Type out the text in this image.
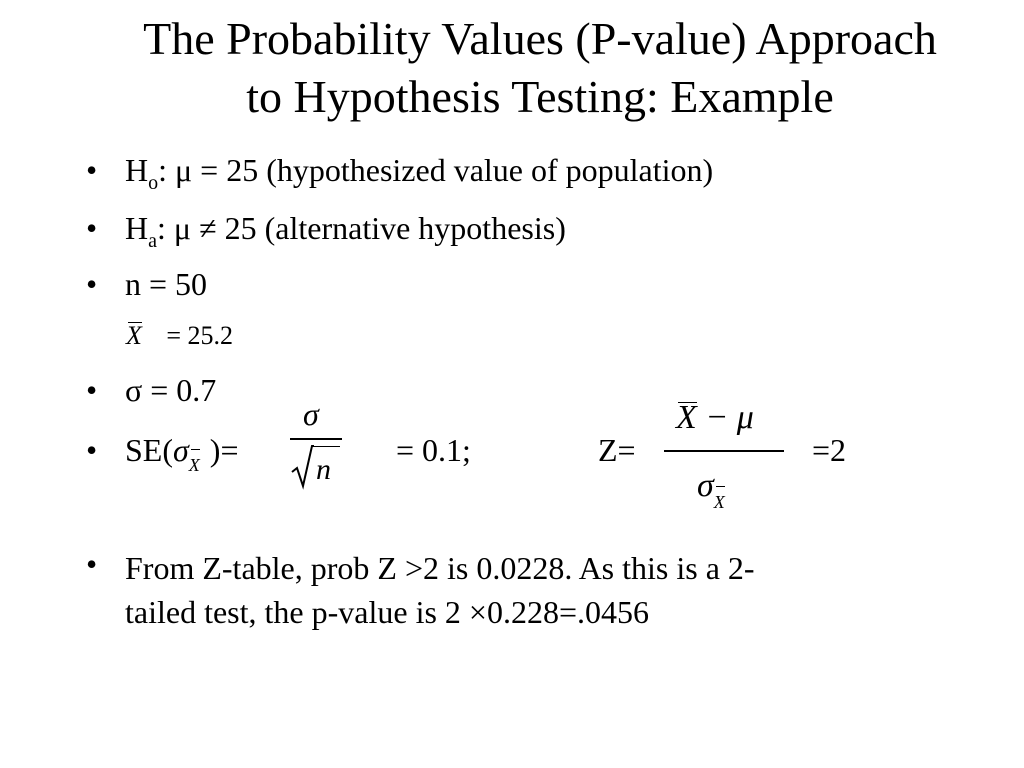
The Probability Values (P-value) Approach
to Hypothesis Testing: Example
• $H_o$: μ = 25 (hypothesized value of population)
• $H_a$: μ ≠ 25 (alternative hypothesis)
• n = 50
X = 25.2
• σ = 0.7
• SE(σX )=
σ
n
= 0.1;	Z=
X − μ
σX
=2
• From Z-table, prob Z >2 is 0.0228. As this is a 2-
tailed test, the p-value is 2 ×0.228=.0456
